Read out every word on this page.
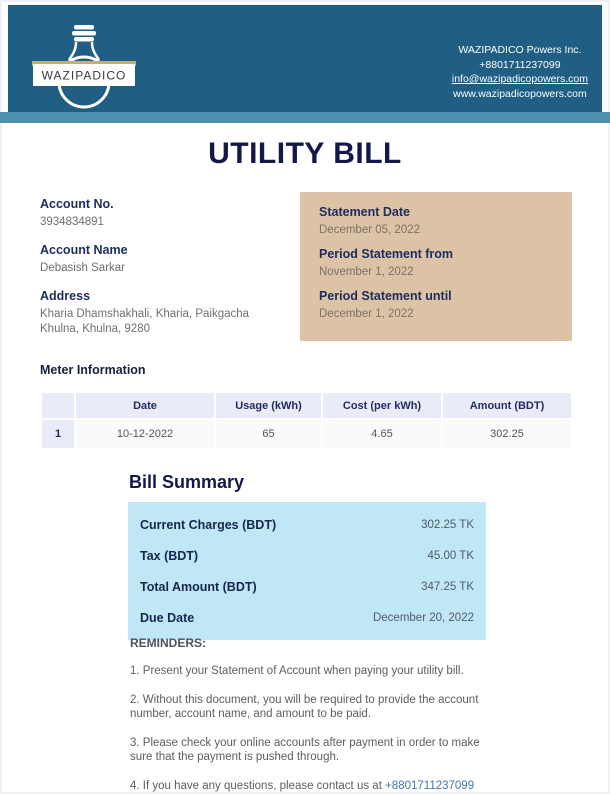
WAZIPADICO
WAZIPADICO Powers Inc.
+8801711237099
info@wazipadicopowers.com
www.wazipadicopowers.com
UTILITY BILL
Account No.
3934834891
Account Name
Debasish Sarkar
Address
Kharia Dhamshakhali, Kharia, Paikgacha
Khulna, Khulna, 9280
Statement Date
December 05, 2022
Period Statement from
November 1, 2022
Period Statement until
December 1, 2022
Meter Information
	Date	Usage (kWh)	Cost (per kWh)	Amount (BDT)
1	10-12-2022	65	4.65	302.25
Bill Summary
Current Charges (BDT)	302.25 TK
Tax (BDT)	45.00 TK
Total Amount (BDT)	347.25 TK
Due Date	December 20, 2022
REMINDERS:
1. Present your Statement of Account when paying your utility bill.
2. Without this document, you will be required to provide the account number, account name, and amount to be paid.
3. Please check your online accounts after payment in order to make sure that the payment is pushed through.
4. If you have any questions, please contact us at +8801711237099
